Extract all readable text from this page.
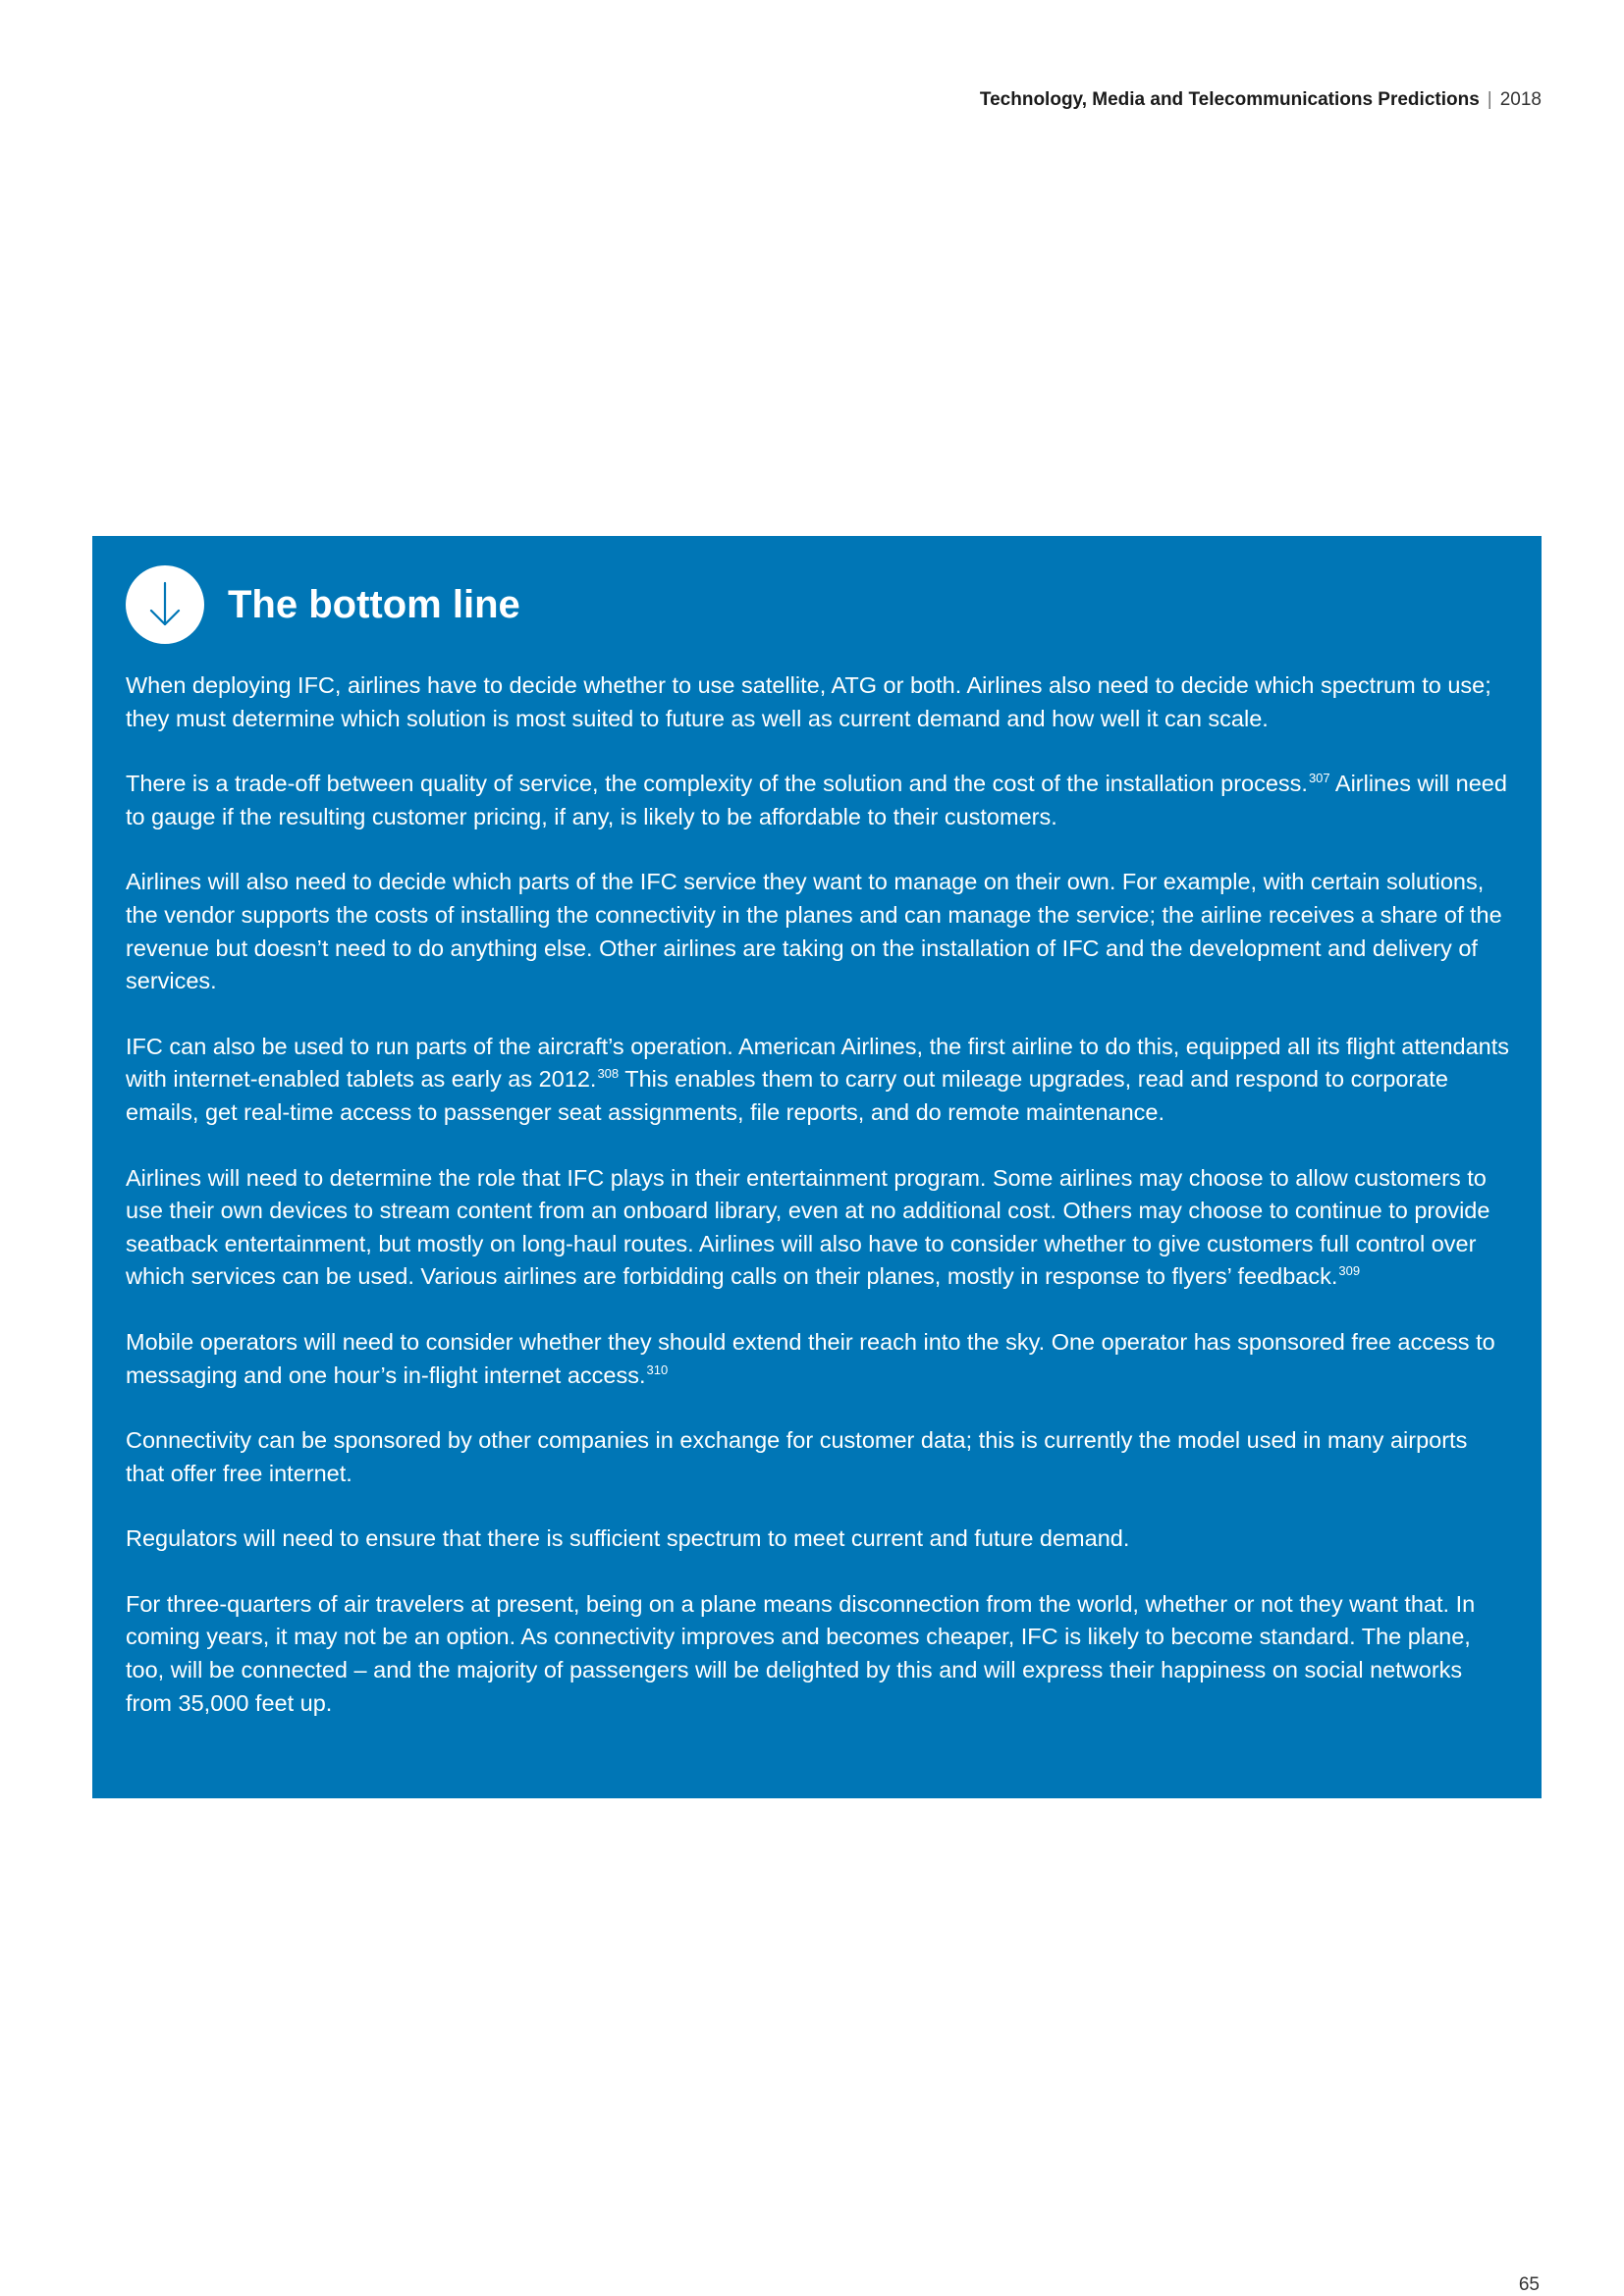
Technology, Media and Telecommunications Predictions | 2018
The bottom line

When deploying IFC, airlines have to decide whether to use satellite, ATG or both. Airlines also need to decide which spectrum to use; they must determine which solution is most suited to future as well as current demand and how well it can scale.

There is a trade-off between quality of service, the complexity of the solution and the cost of the installation process.$^{307}$ Airlines will need to gauge if the resulting customer pricing, if any, is likely to be affordable to their customers.

Airlines will also need to decide which parts of the IFC service they want to manage on their own. For example, with certain solutions, the vendor supports the costs of installing the connectivity in the planes and can manage the service; the airline receives a share of the revenue but doesn’t need to do anything else. Other airlines are taking on the installation of IFC and the development and delivery of services.

IFC can also be used to run parts of the aircraft’s operation. American Airlines, the first airline to do this, equipped all its flight attendants with internet-enabled tablets as early as 2012.$^{308}$ This enables them to carry out mileage upgrades, read and respond to corporate emails, get real-time access to passenger seat assignments, file reports, and do remote maintenance.

Airlines will need to determine the role that IFC plays in their entertainment program. Some airlines may choose to allow customers to use their own devices to stream content from an onboard library, even at no additional cost. Others may choose to continue to provide seatback entertainment, but mostly on long-haul routes. Airlines will also have to consider whether to give customers full control over which services can be used. Various airlines are forbidding calls on their planes, mostly in response to flyers’ feedback.$^{309}$

Mobile operators will need to consider whether they should extend their reach into the sky. One operator has sponsored free access to messaging and one hour’s in-flight internet access.$^{310}$

Connectivity can be sponsored by other companies in exchange for customer data; this is currently the model used in many airports that offer free internet.

Regulators will need to ensure that there is sufficient spectrum to meet current and future demand.

For three-quarters of air travelers at present, being on a plane means disconnection from the world, whether or not they want that. In coming years, it may not be an option. As connectivity improves and becomes cheaper, IFC is likely to become standard. The plane, too, will be connected – and the majority of passengers will be delighted by this and will express their happiness on social networks from 35,000 feet up.

65
